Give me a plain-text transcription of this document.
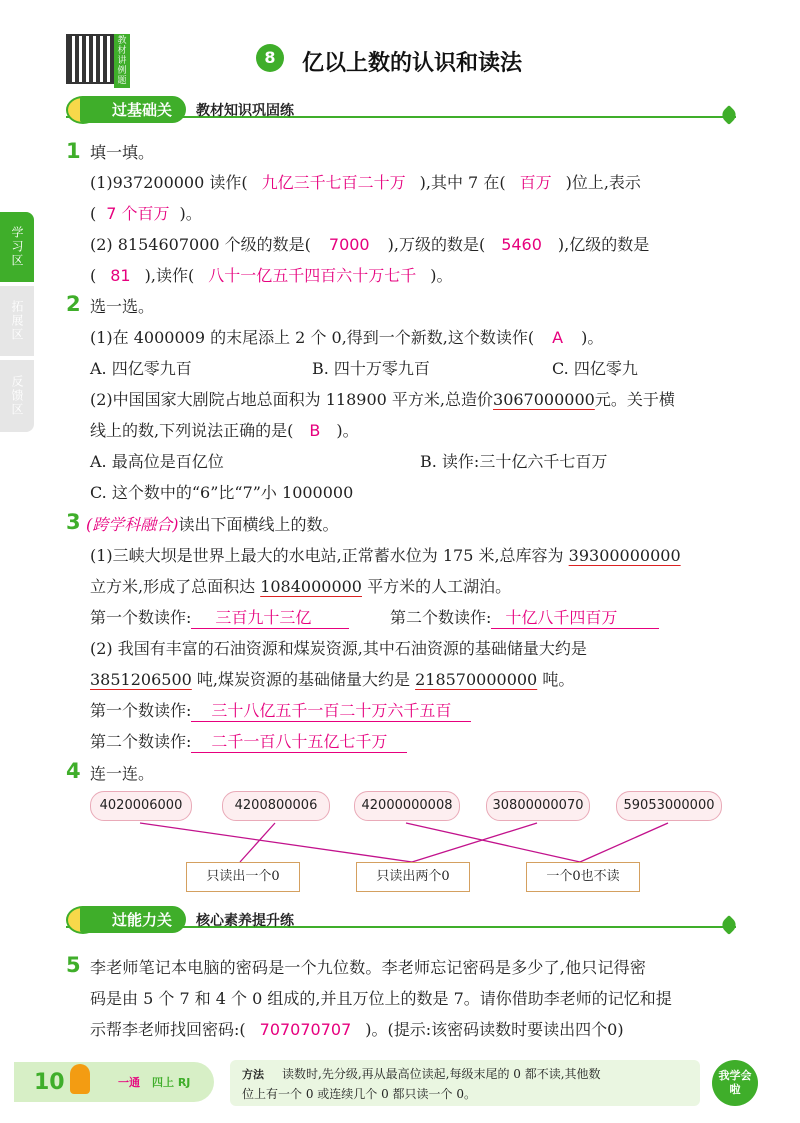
教材讲例题
8	亿以上数的认识和读法
过基础关	教材知识巩固练
学习区
拓展区
反馈区
1 填一填。
(1)937200000 读作( 九亿三千七百二十万 ),其中 7 在( 百万 )位上,表示
( 7 个百万 )。
(2) 8154607000 个级的数是( 7000 ),万级的数是( 5460 ),亿级的数是
( 81 ),读作( 八十一亿五千四百六十万七千 )。
2 选一选。
(1)在 4000009 的末尾添上 2 个 0,得到一个新数,这个数读作( A )。
A. 四亿零九百	B. 四十万零九百	C. 四亿零九
(2)中国国家大剧院占地总面积为 118900 平方米,总造价3067000000元。关于横
线上的数,下列说法正确的是( B )。
A. 最高位是百亿位	B. 读作:三十亿六千七百万
C. 这个数中的“6”比“7”小 1000000
3 (跨学科融合)读出下面横线上的数。
(1)三峡大坝是世界上最大的水电站,正常蓄水位为 175 米,总库容为 39300000000
立方米,形成了总面积达 1084000000 平方米的人工湖泊。
第一个数读作: 三百九十三亿	第二个数读作: 十亿八千四百万
(2) 我国有丰富的石油资源和煤炭资源,其中石油资源的基础储量大约是
3851206500 吨,煤炭资源的基础储量大约是 218570000000 吨。
第一个数读作: 三十八亿五千一百二十万六千五百
第二个数读作: 二千一百八十五亿七千万
4 连一连。
4020006000	4200800006	42000000008	30800000070	59053000000
只读出一个0	只读出两个0	一个0也不读
过能力关	核心素养提升练
5 李老师笔记本电脑的密码是一个九位数。李老师忘记密码是多少了,他只记得密
码是由 5 个 7 和 4 个 0 组成的,并且万位上的数是 7。请你借助李老师的记忆和提
示帮李老师找回密码:( 707070707 )。(提示:该密码读数时要读出四个0)
10	一通 四上 RJ
方法 读数时,先分级,再从最高位读起,每级末尾的 0 都不读,其他数
位上有一个 0 或连续几个 0 都只读一个 0。
我学会啦
